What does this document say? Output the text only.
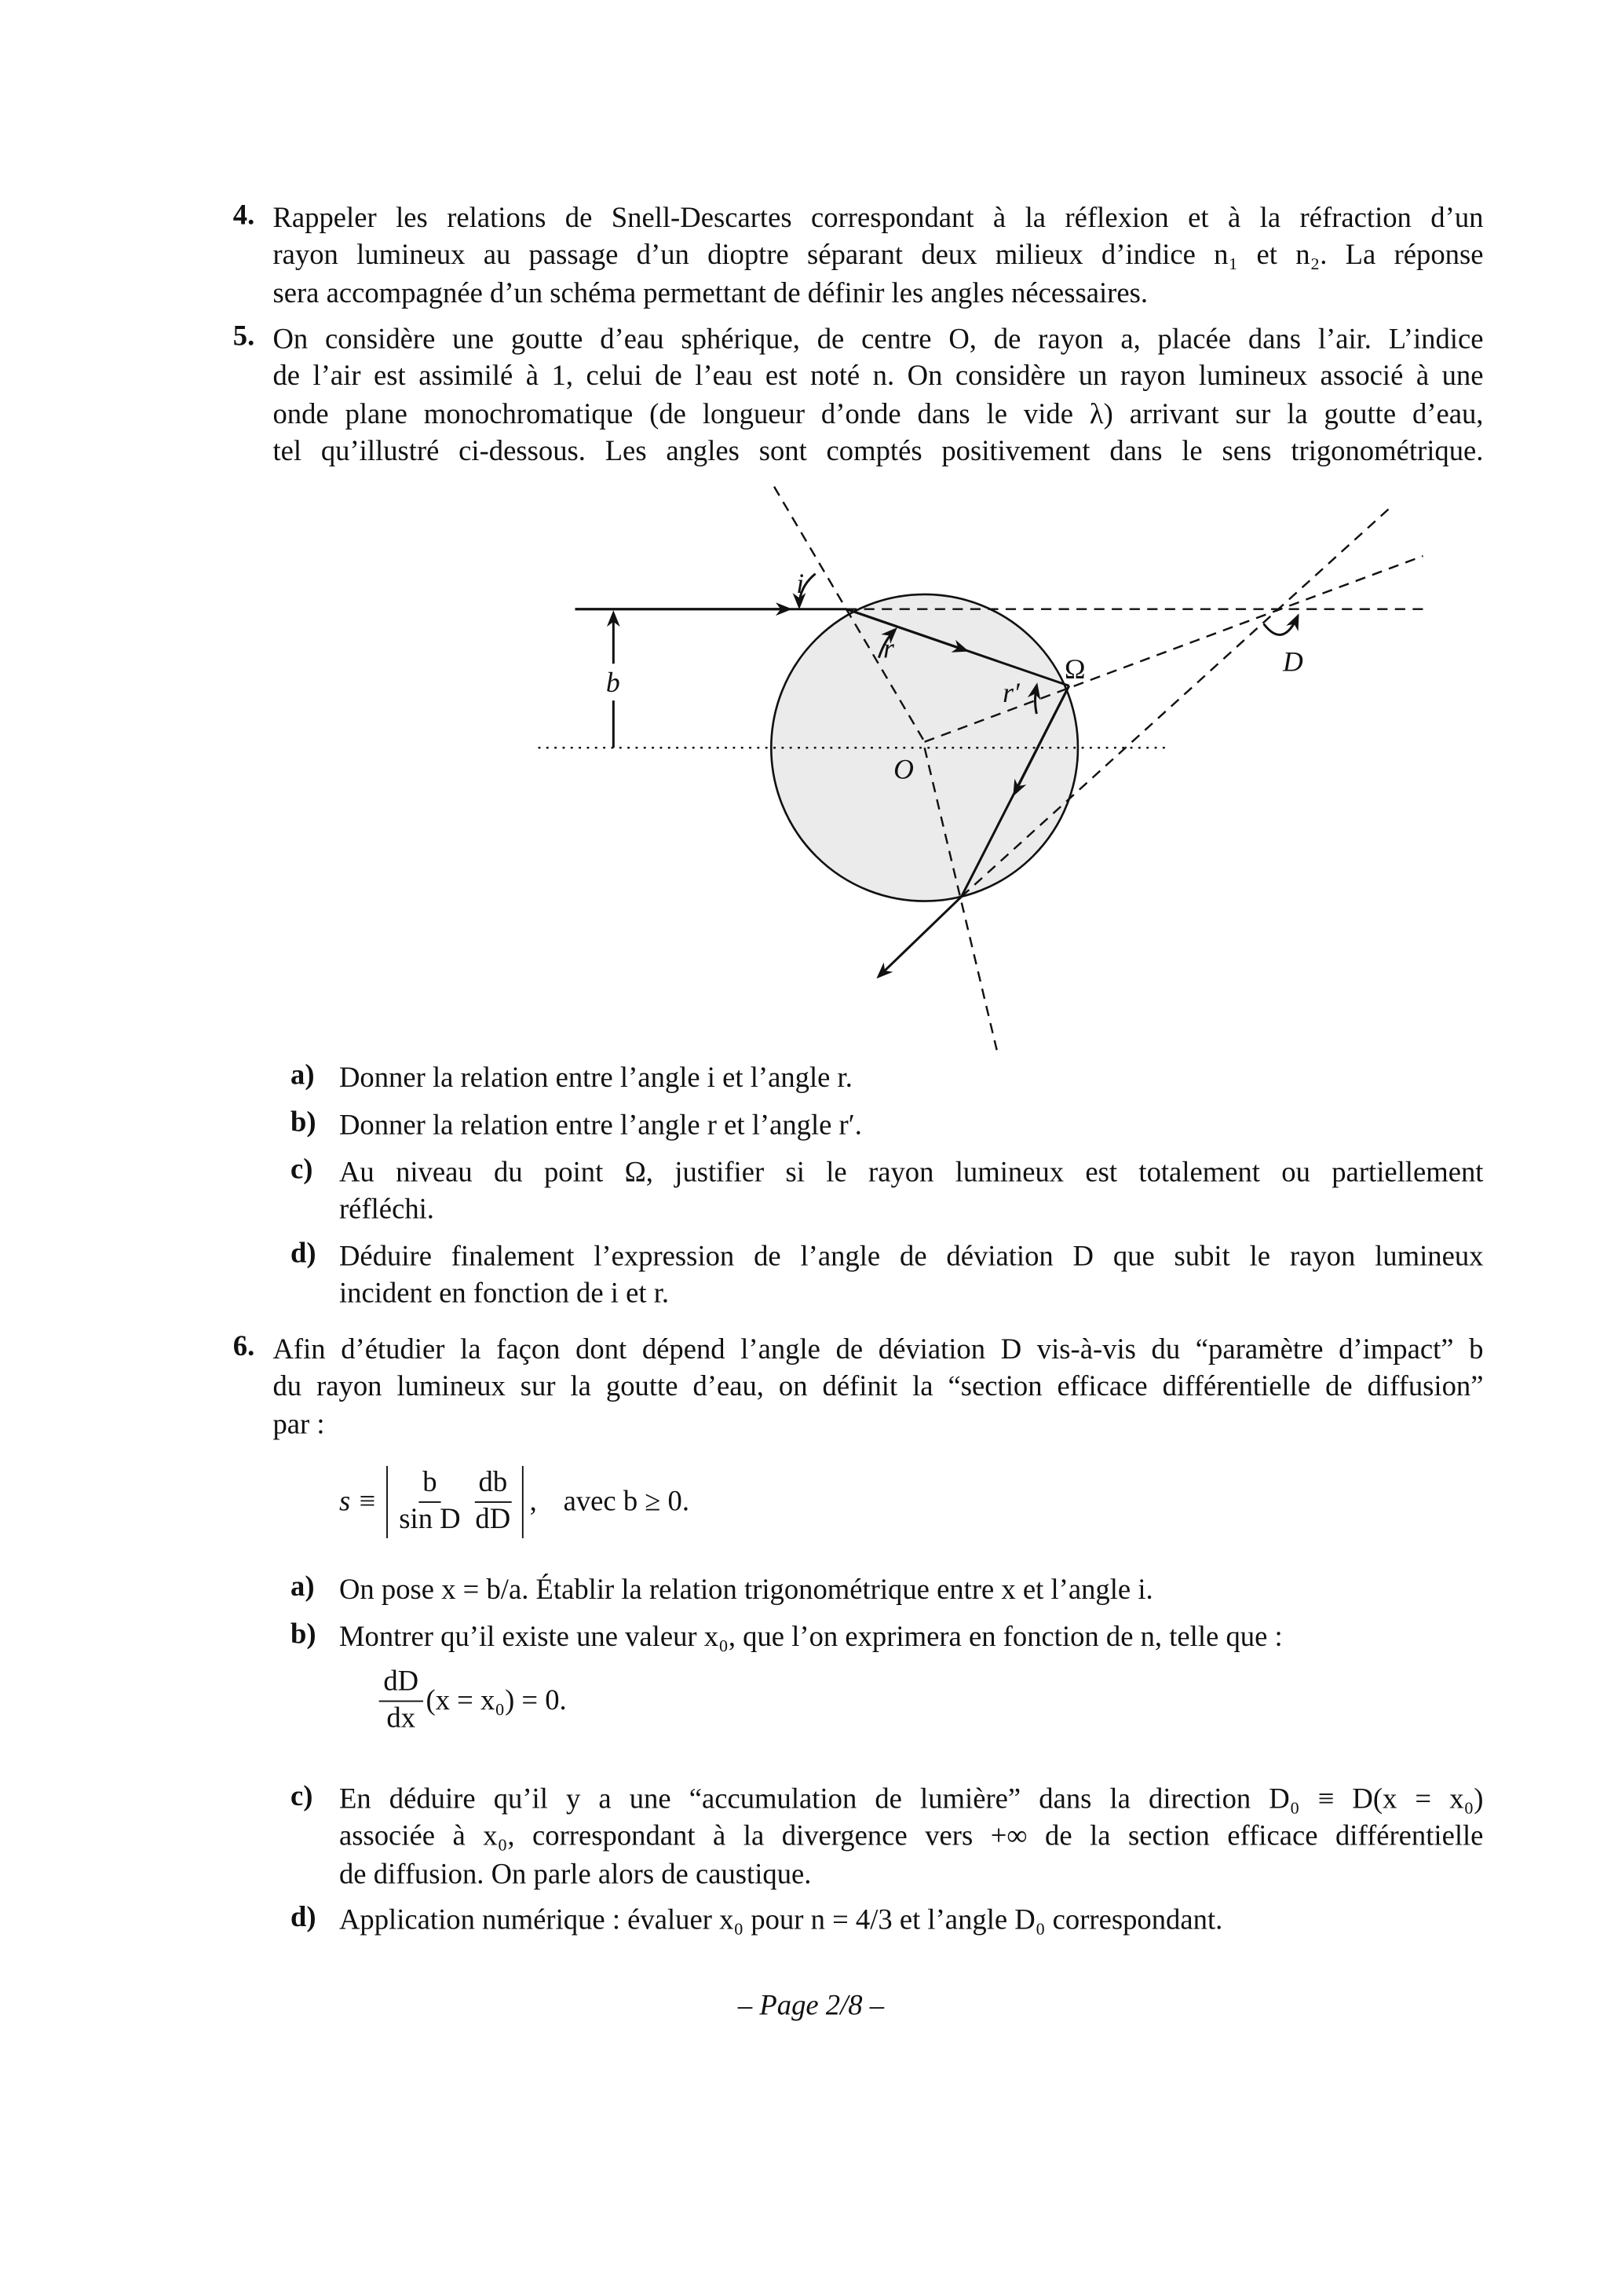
4. Rappeler les relations de Snell-Descartes correspondant à la réflexion et à la réfraction d’un
rayon lumineux au passage d’un dioptre séparant deux milieux d’indice n₁ et n₂. La réponse
sera accompagnée d’un schéma permettant de définir les angles nécessaires.
5. On considère une goutte d’eau sphérique, de centre O, de rayon a, placée dans l’air. L’indice
de l’air est assimilé à 1, celui de l’eau est noté n. On considère un rayon lumineux associé à une
onde plane monochromatique (de longueur d’onde dans le vide λ) arrivant sur la goutte d’eau,
tel qu’illustré ci-dessous. Les angles sont comptés positivement dans le sens trigonométrique.
i
r
r′
Ω
O
b
D
a) Donner la relation entre l’angle i et l’angle r.
b) Donner la relation entre l’angle r et l’angle r′.
c) Au niveau du point Ω, justifier si le rayon lumineux est totalement ou partiellement
réfléchi.
d) Déduire finalement l’expression de l’angle de déviation D que subit le rayon lumineux
incident en fonction de i et r.
6. Afin d’étudier la façon dont dépend l’angle de déviation D vis-à-vis du “paramètre d’impact” b
du rayon lumineux sur la goutte d’eau, on définit la “section efficace différentielle de diffusion”
par :
$s \equiv \frac{b}{\text{sin D}} \frac{db}{dD}$ , avec b ≥ 0.
a) On pose x = b/a. Établir la relation trigonométrique entre x et l’angle i.
b) Montrer qu’il existe une valeur x₀, que l’on exprimera en fonction de n, telle que :
$\frac{dD}{dx} (x = x_0) = 0$.
c) En déduire qu’il y a une “accumulation de lumière” dans la direction D₀ ≡ D(x = x₀)
associée à x₀, correspondant à la divergence vers +∞ de la section efficace différentielle
de diffusion. On parle alors de caustique.
d) Application numérique : évaluer x₀ pour n = 4/3 et l’angle D₀ correspondant.
– Page 2/8 –
